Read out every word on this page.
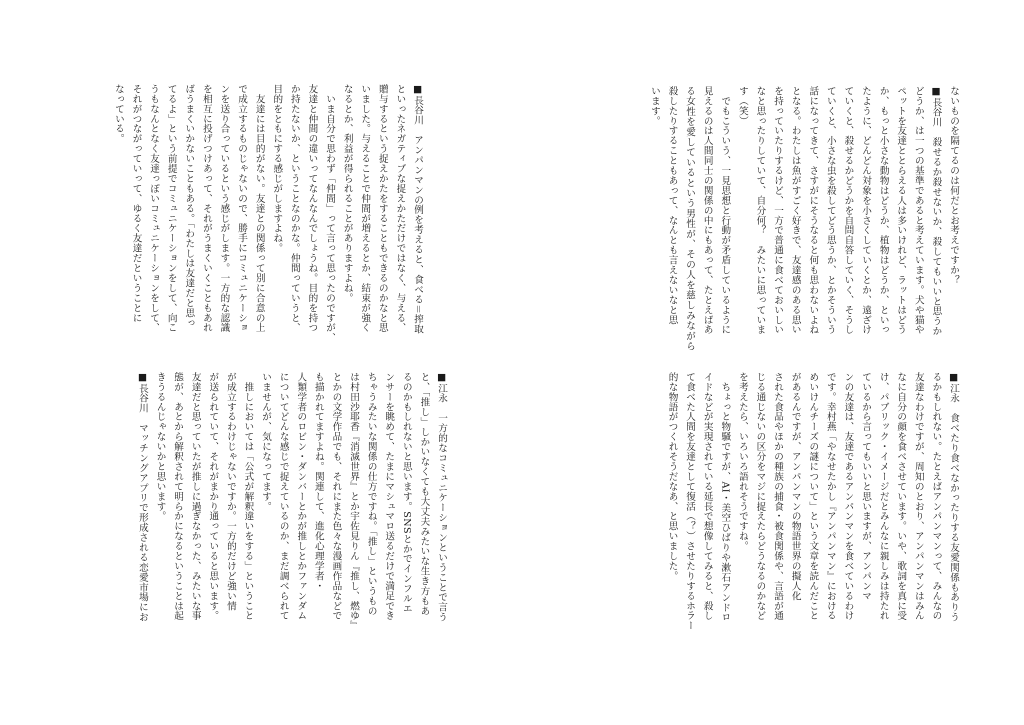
■長谷川　アンパンマンの例を考えると、食べる＝搾取
といったネガティブな捉えかただけではなく、与える、
贈与するという捉えかたをすることもできるのかなと思
いました。与えることで仲間が増えるとか、結束が強く
なるとか、利益が得られることがありますよね。
　いま自分で思わず「仲間」って言って思ったのですが、
友達と仲間の違いってなんなんでしょうね。目的を持つ
か持たないか、ということなのかな。仲間っていうと、
目的をともにする感じがしますよね。
　友達には目的がない。友達との関係って別に合意の上
で成立するものじゃないので、勝手にコミュニケーショ
ンを送り合っているという感じがします。一方的な認識
を相互に投げつけあって、それがうまくいくこともあれ
ばうまくいかないこともある。「わたしは友達だと思っ
てるよ」という前提でコミュニケーションをして、向こ
うもなんとなく友達っぽいコミュニケーションをして、
それがつながっていって、ゆるく友達だということに
なっている。
■江永　一方的なコミュニケーションということで言う
と、「推し」しかいなくても大丈夫みたいな生き方もあ
るのかもしれないと思います。SNSとかでインフルエ
ンサーを眺めて、たまにマシュマロ送るだけで満足でき
ちゃうみたいな関係の仕方ですね。「推し」というもの
は村田沙耶香『消滅世界』とか宇佐見りん『推し、燃ゆ』
とかの文学作品でも、それにまた色々な漫画作品などで
も描かれてますよね。関連して、進化心理学者・
人類学者のロビン・ダンバーとかが推しとかファンダム
についてどんな感じで捉えているのか、まだ調べられて
いませんが、気になってます。
　推しにおいては「公式が解釈違いをする」ということ
が成立するわけじゃないですか。一方的だけど強い情
が送られていて、それがまかり通っていると思います。
友達だと思っていたが推しに過ぎなかった、みたいな事
態が、あとから解釈されて明らかになるということは起
きうるんじゃないかと思います。
■長谷川　マッチングアプリで形成される恋愛市場にお
ないものを隔てるのは何だとお考えですか？
■長谷川　殺せるか殺せないか、殺してもいいと思うか
どうか、は一つの基準であると考えています。犬や猫や
ペットを友達ととらえる人は多いけれど、ラットはどう
か、もっと小さな動物はどうか、植物はどうか、といっ
たように、どんどん対象を小さくしていくとか、遠ざけ
ていくと、殺せるかどうかを自問自答していく、そうし
ていくと、小さな虫を殺してどう思うか、とかそういう
話になってきて、さすがにそうなると何も思わないよね
となる。わたしは魚がすごく好きで、友達感のある思い
を持っていたりするけど、一方で普通に食べておいしい
なと思ったりしていて、自分何？　みたいに思っていま
す（笑）
　でもこういう、一見思想と行動が矛盾しているように
見えるのは人間同士の関係の中にもあって、たとえばあ
る女性を愛しているという男性が、その人を慈しみながら殺したりすることもあって、なんとも言えないなと思
います。
■江永　食べたり食べなかったりする友愛関係もありう
るかもしれない。たとえばアンパンマンって、みんなの
友達なわけですが、周知のとおり、アンパンマンはみん
なに自分の顔を食べさせています。いや、歌詞を真に受
け、パブリック・イメージだとみんなに親しみは持たれ
ているから言ってもいいと思いますが、アンパンマ
ンの友達は、友達であるアンパンマンを食べているわけ
です。幸村燕「やなせたかし『アンパンマン』における
めいけんチーズの謎について」という文章を読んだこと
があるんですが、アンパンマンの物語世界の擬人化
された食品やほかの種族の捕食・被食関係や、言語が通
じる通じないの区分をマジに捉えたらどうなるのかなど
を考えたら、いろいろ語れそうですね。
　ちょっと物騒ですが、AI・美空ひばりや漱石アンドロ
イドなどが実現されている延長で想像してみると、殺し
て食べた人間を友達として復活（？）させたりするホラー
的な物語がつくれそうだなあ、と思いました。
